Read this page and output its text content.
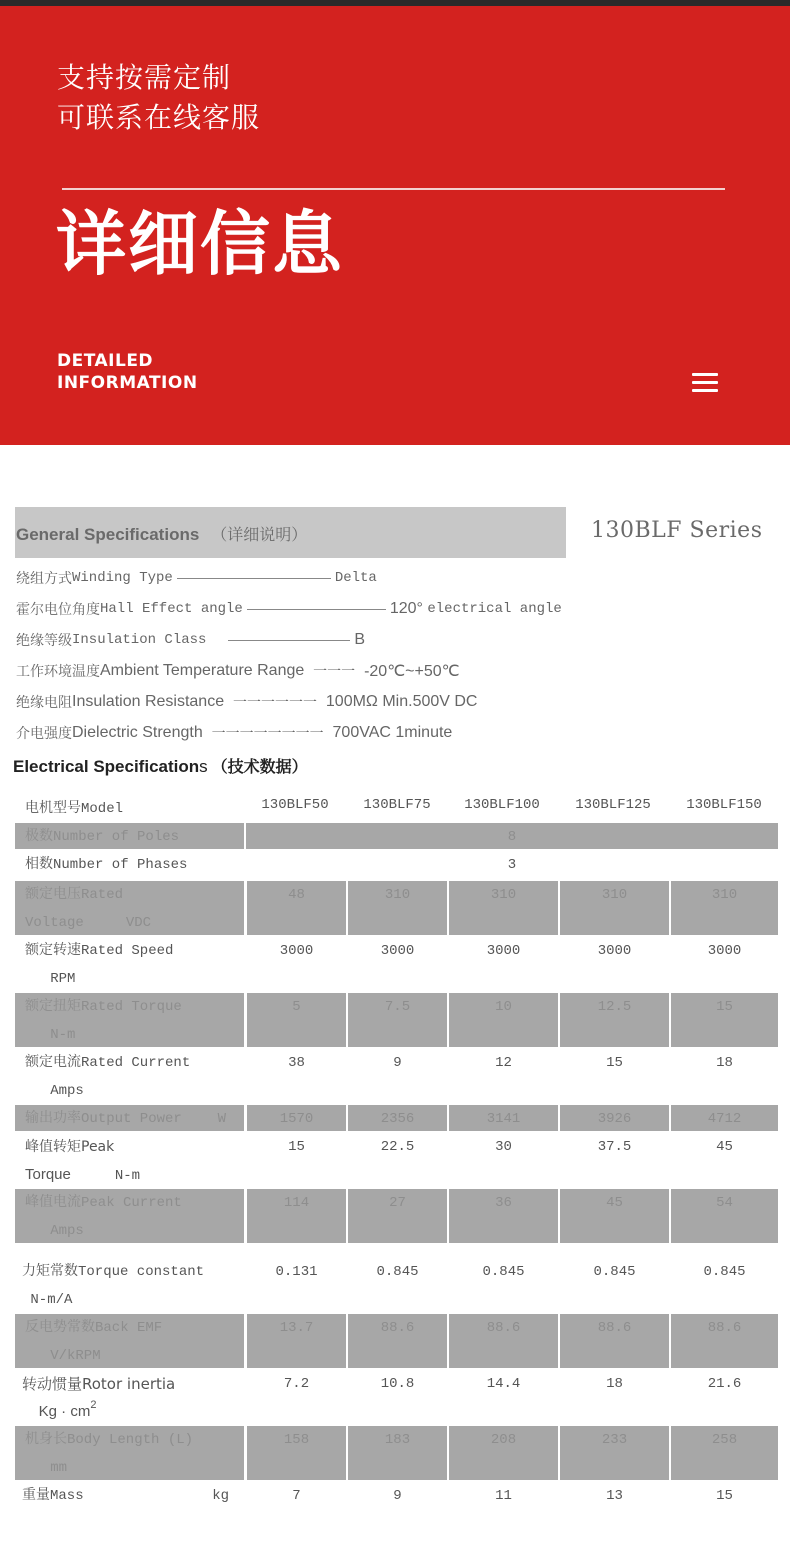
支持按需定制
可联系在线客服
详细信息
DETAILED
INFORMATION
General Specifications （详细说明）	130BLF Series
绕组方式 Winding Type	Delta
霍尔电位角度 Hall Effect angle	120°
electrical angle
绝缘等级 Insulation Class	B
工作环境温度 Ambient Temperature Range
一一一
-20℃~+50℃
绝缘电阻 Insulation Resistance
一一一一一一
100MΩ Min.500V DC
介电强度 Dielectric Strength
一一一一一一一一
700VAC 1minute
Electrical Specifications （技术数据）
电机型号Model	130BLF50	130BLF75	130BLF100	130BLF125	130BLF150
极数Number of Poles	8
相数Number of Phases	3
额定电压Rated
Voltage     VDC
48	310	310	310	310
额定转速Rated Speed
RPM
3000	3000	3000	3000	3000
额定扭矩Rated Torque
N-m
5	7.5	10	12.5	15
额定电流Rated Current
Amps
38	9	12	15	18
输出功率Output Power	W	1570	2356	3141	3926	4712
峰值转矩Peak
Torque	N-m
15	22.5	30	37.5	45
峰值电流Peak Current
Amps
114	27	36	45	54
力矩常数Torque constant
N-m/A
0.131	0.845	0.845	0.845	0.845
反电势常数Back EMF
V/kRPM
13.7	88.6	88.6	88.6	88.6
转动惯量Rotor inertia
$Kg \cdot cm^2$
7.2	10.8	14.4	18	21.6
机身长Body Length (L)
mm
158	183	208	233	258
重量Mass	kg	7	9	11	13	15
